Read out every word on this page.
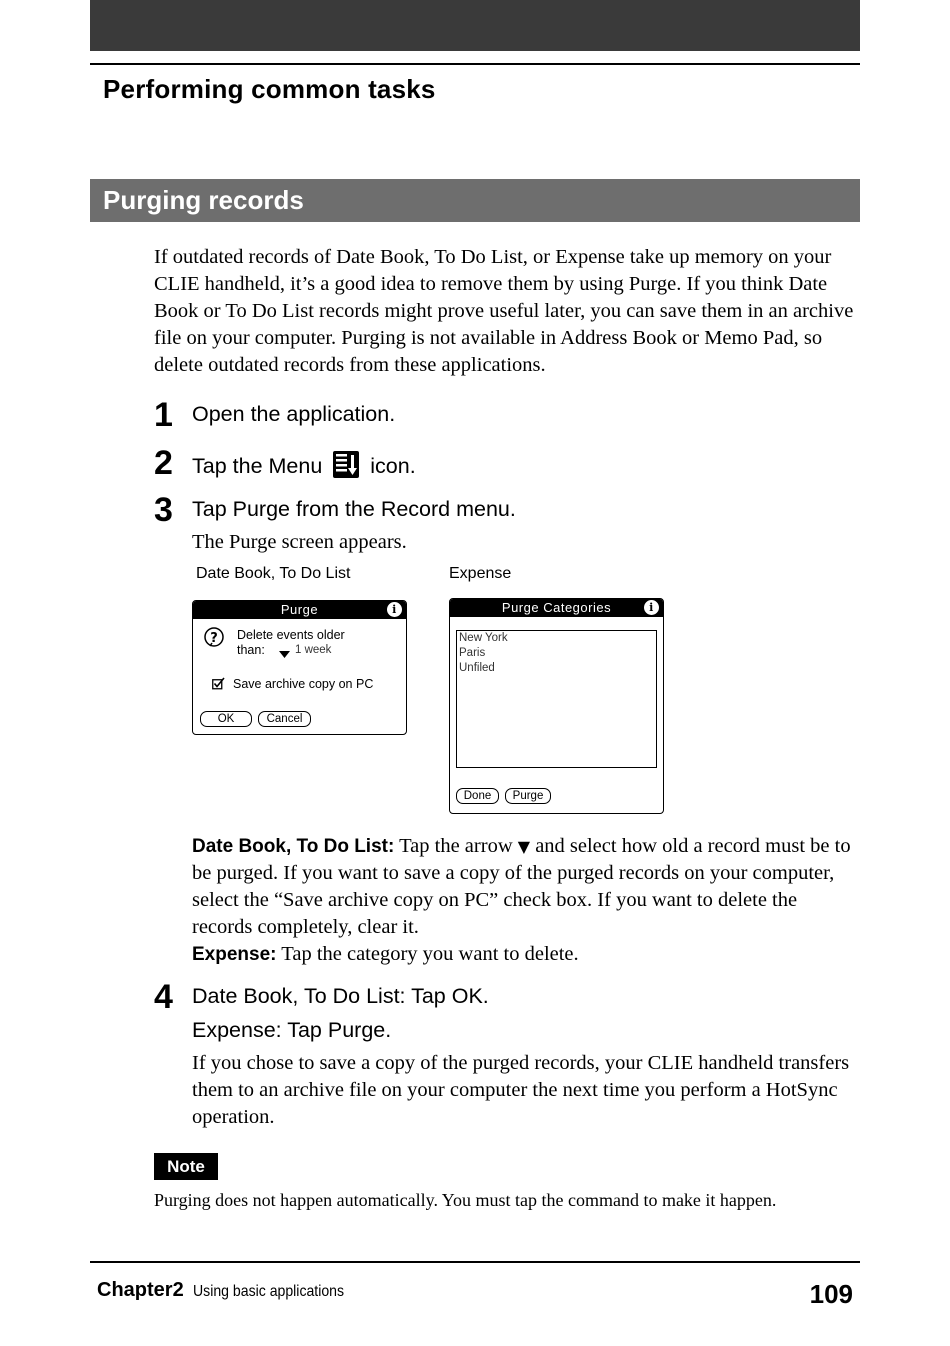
Performing common tasks
Purging records
If outdated records of Date Book, To Do List, or Expense take up memory on your CLIE handheld, it’s a good idea to remove them by using Purge. If you think Date Book or To Do List records might prove useful later, you can save them in an archive file on your computer. Purging is not available in Address Book or Memo Pad, so delete outdated records from these applications.
1 Open the application.
2 Tap the Menu icon.
3 Tap Purge from the Record menu.
The Purge screen appears.
Date Book, To Do List	Expense
Purge	i
? Delete events older
than:	1 week
Save archive copy on PC
OK	Cancel
Purge Categories	i
New York
Paris
Unfiled
Done	Purge
Date Book, To Do List: Tap the arrow ▼ and select how old a record must be to be purged. If you want to save a copy of the purged records on your computer, select the “Save archive copy on PC” check box. If you want to delete the records completely, clear it.
Expense: Tap the category you want to delete.
4 Date Book, To Do List: Tap OK.
Expense: Tap Purge.
If you chose to save a copy of the purged records, your CLIE handheld transfers them to an archive file on your computer the next time you perform a HotSync operation.
Note
Purging does not happen automatically. You must tap the command to make it happen.
Chapter2 Using basic applications	109
